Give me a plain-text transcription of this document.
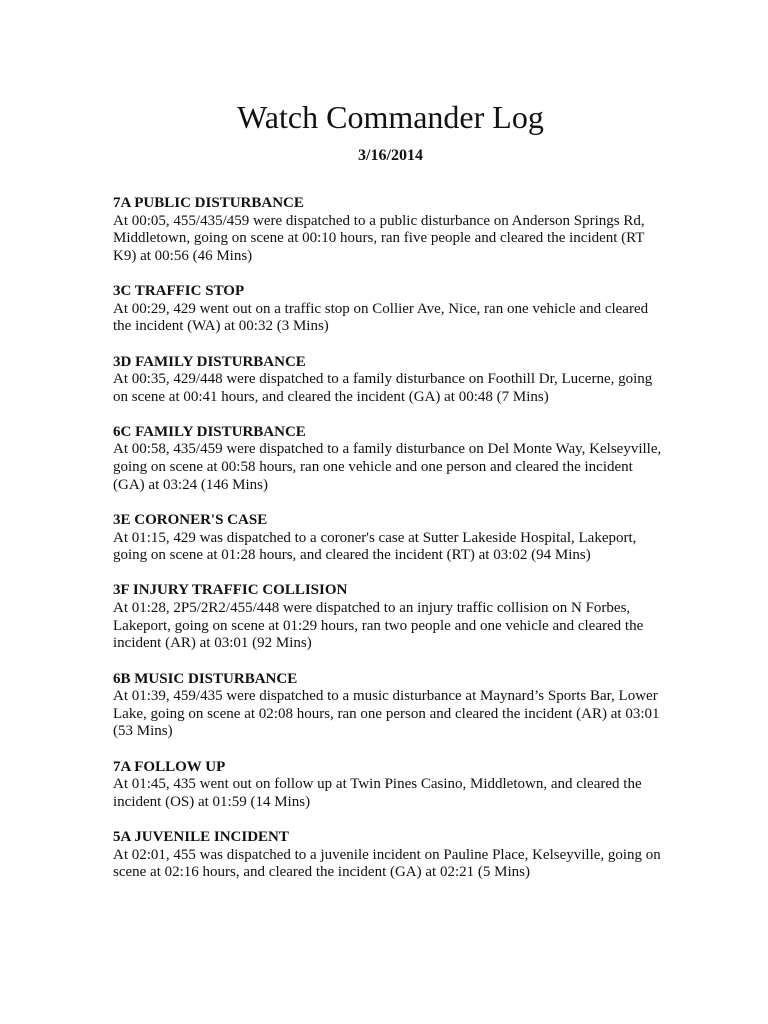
Watch Commander Log
3/16/2014
7A PUBLIC DISTURBANCE
At 00:05, 455/435/459 were dispatched to a public disturbance on Anderson Springs Rd, Middletown, going on scene at 00:10 hours, ran five people and cleared the incident (RT K9) at 00:56 (46 Mins)
3C TRAFFIC STOP
At 00:29, 429 went out on a traffic stop on Collier Ave, Nice, ran one vehicle and cleared the incident (WA) at 00:32 (3 Mins)
3D FAMILY DISTURBANCE
At 00:35, 429/448 were dispatched to a family disturbance on Foothill Dr, Lucerne, going on scene at 00:41 hours, and cleared the incident (GA) at 00:48 (7 Mins)
6C FAMILY DISTURBANCE
At 00:58, 435/459 were dispatched to a family disturbance on Del Monte Way, Kelseyville, going on scene at 00:58 hours, ran one vehicle and one person and cleared the incident (GA) at 03:24 (146 Mins)
3E CORONER'S CASE
At 01:15, 429 was dispatched to a coroner's case at Sutter Lakeside Hospital, Lakeport, going on scene at 01:28 hours, and cleared the incident (RT) at 03:02 (94 Mins)
3F INJURY TRAFFIC COLLISION
At 01:28, 2P5/2R2/455/448 were dispatched to an injury traffic collision on N Forbes, Lakeport, going on scene at 01:29 hours, ran two people and one vehicle and cleared the incident (AR) at 03:01 (92 Mins)
6B MUSIC DISTURBANCE
At 01:39, 459/435 were dispatched to a music disturbance at Maynard’s Sports Bar, Lower Lake, going on scene at 02:08 hours, ran one person and cleared the incident (AR) at 03:01 (53 Mins)
7A FOLLOW UP
At 01:45, 435 went out on follow up at Twin Pines Casino, Middletown, and cleared the incident (OS) at 01:59 (14 Mins)
5A JUVENILE INCIDENT
At 02:01, 455 was dispatched to a juvenile incident on Pauline Place, Kelseyville, going on scene at 02:16 hours, and cleared the incident (GA) at 02:21 (5 Mins)
